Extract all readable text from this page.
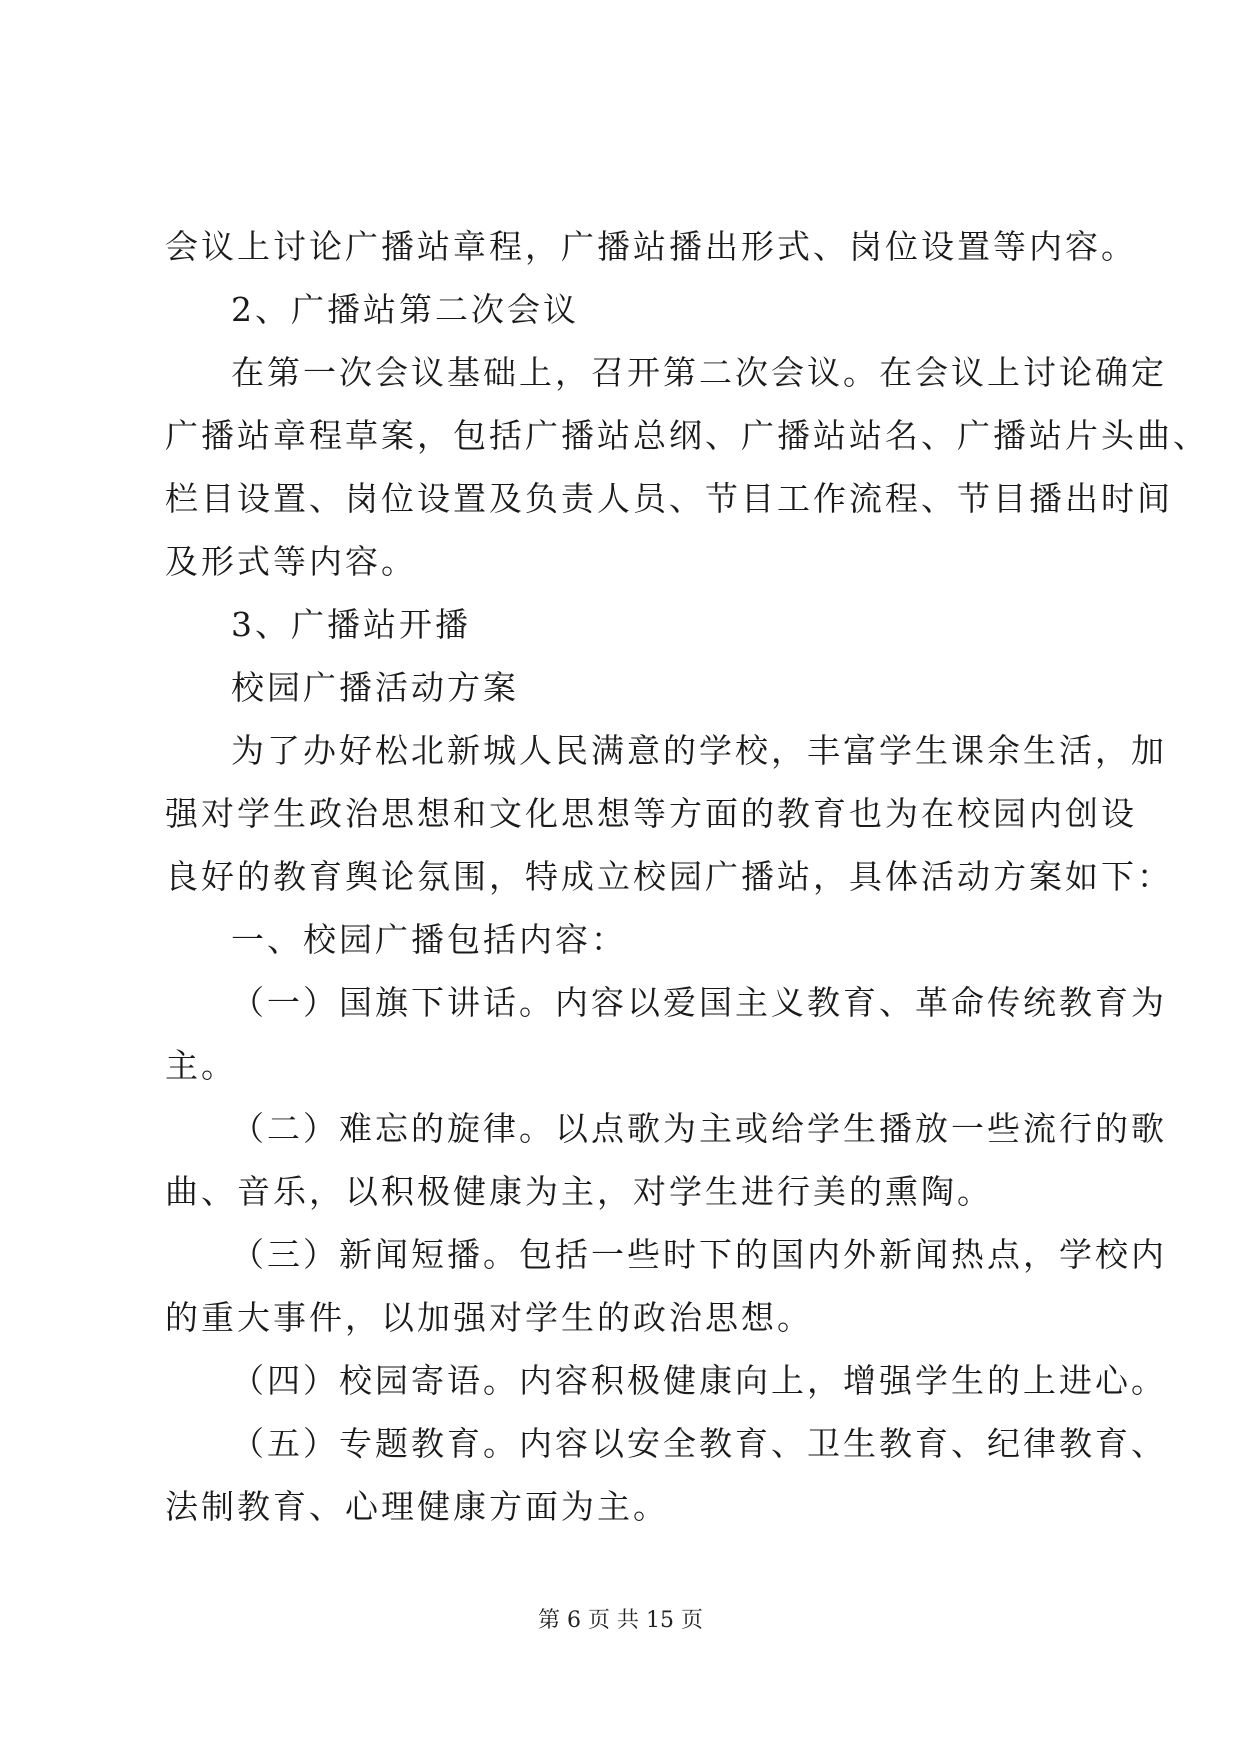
会议上讨论广播站章程，广播站播出形式、岗位设置等内容。
2、广播站第二次会议
在第一次会议基础上，召开第二次会议。在会议上讨论确定
广播站章程草案，包括广播站总纲、广播站站名、广播站片头曲、
栏目设置、岗位设置及负责人员、节目工作流程、节目播出时间
及形式等内容。
3、广播站开播
校园广播活动方案
为了办好松北新城人民满意的学校，丰富学生课余生活，加
强对学生政治思想和文化思想等方面的教育也为在校园内创设
良好的教育舆论氛围，特成立校园广播站，具体活动方案如下：
一、校园广播包括内容：
（一）国旗下讲话。内容以爱国主义教育、革命传统教育为
主。
（二）难忘的旋律。以点歌为主或给学生播放一些流行的歌
曲、音乐，以积极健康为主，对学生进行美的熏陶。
（三）新闻短播。包括一些时下的国内外新闻热点，学校内
的重大事件，以加强对学生的政治思想。
（四）校园寄语。内容积极健康向上，增强学生的上进心。
（五）专题教育。内容以安全教育、卫生教育、纪律教育、
法制教育、心理健康方面为主。
第 6 页 共 15 页
